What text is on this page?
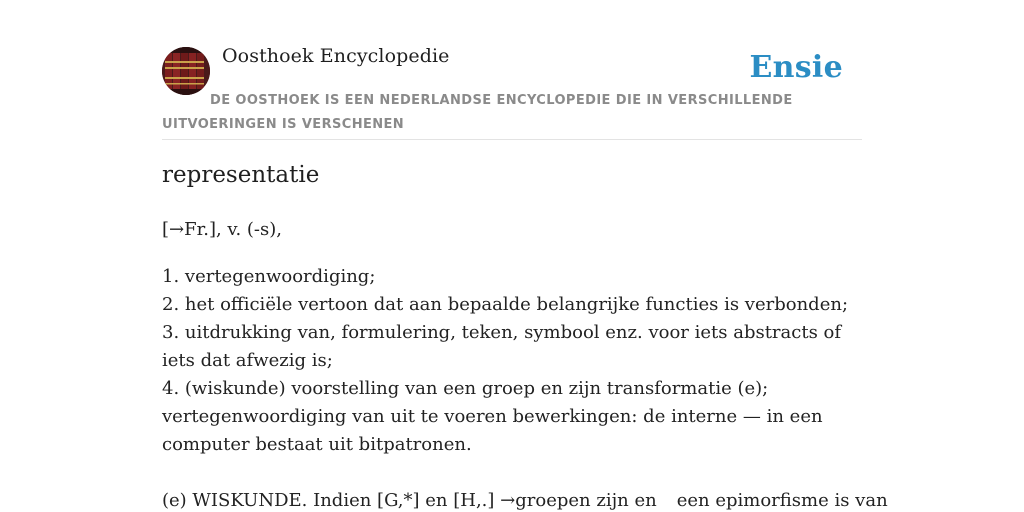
Oosthoek Encyclopedie	Ensie
DE OOSTHOEK IS EEN NEDERLANDSE ENCYCLOPEDIE DIE IN VERSCHILLENDE UITVOERINGEN IS VERSCHENEN
representatie

[→Fr.], v. (-s),

1. vertegenwoordiging;
2. het officiële vertoon dat aan bepaalde belangrijke functies is verbonden;
3. uitdrukking van, formulering, teken, symbool enz. voor iets abstracts of iets dat afwezig is;
4. (wiskunde) voorstelling van een groep en zijn transformatie (e); vertegenwoordiging van uit te voeren bewerkingen: de interne — in een computer bestaat uit bitpatronen.

(e) WISKUNDE. Indien [G,*] en [H,.] →groepen zijn en een epimorfisme is van
